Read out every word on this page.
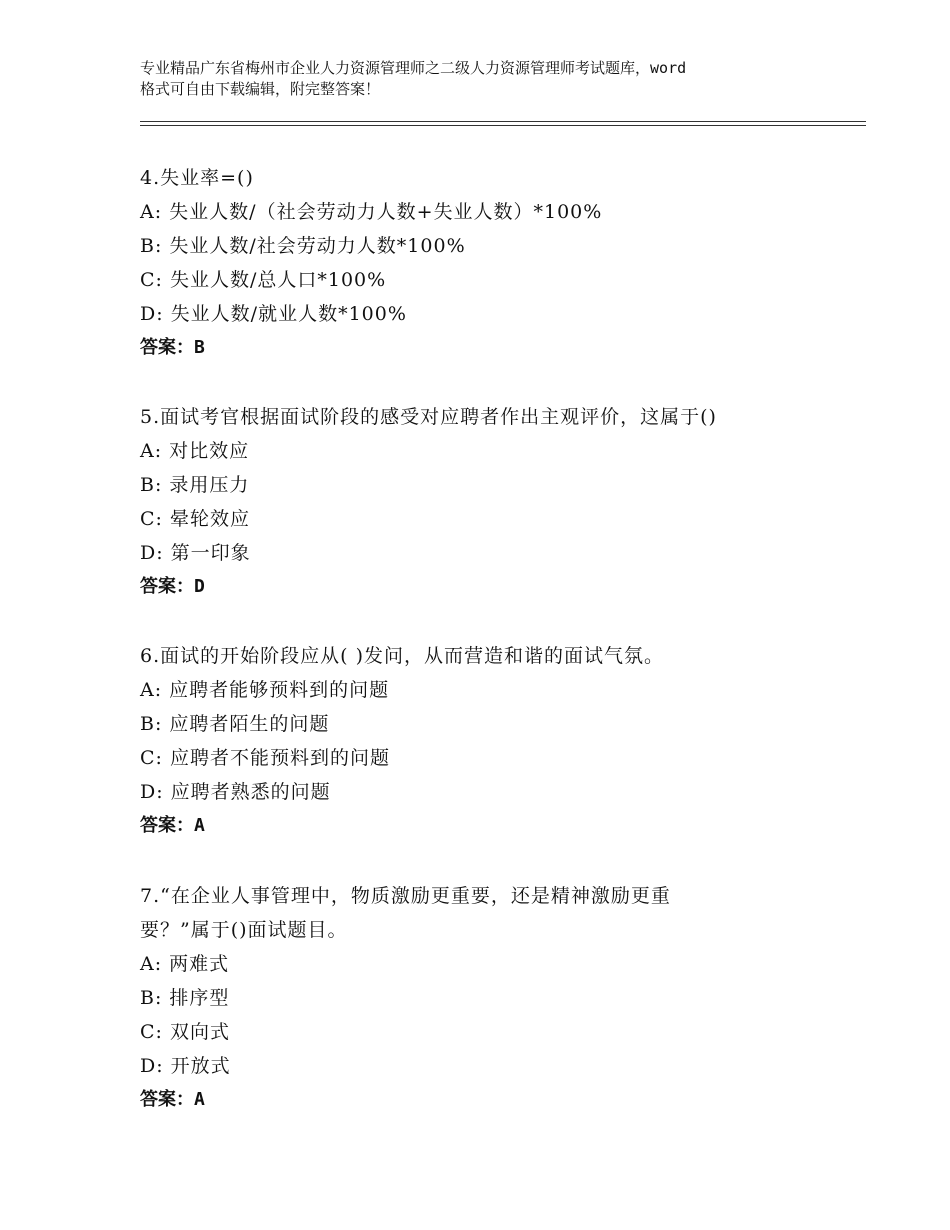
专业精品广东省梅州市企业人力资源管理师之二级人力资源管理师考试题库，word
格式可自由下载编辑，附完整答案！

4.失业率=()

A: 失业人数/（社会劳动力人数+失业人数）*100%

B: 失业人数/社会劳动力人数*100%

C: 失业人数/总人口*100%

D: 失业人数/就业人数*100%

答案：B

5.面试考官根据面试阶段的感受对应聘者作出主观评价，这属于()

A: 对比效应

B: 录用压力

C: 晕轮效应

D: 第一印象

答案：D

6.面试的开始阶段应从( )发问，从而营造和谐的面试气氛。

A: 应聘者能够预料到的问题

B: 应聘者陌生的问题

C: 应聘者不能预料到的问题

D: 应聘者熟悉的问题

答案：A

7.“在企业人事管理中，物质激励更重要，还是精神激励更重

要？”属于()面试题目。

A: 两难式

B: 排序型

C: 双向式

D: 开放式

答案：A
